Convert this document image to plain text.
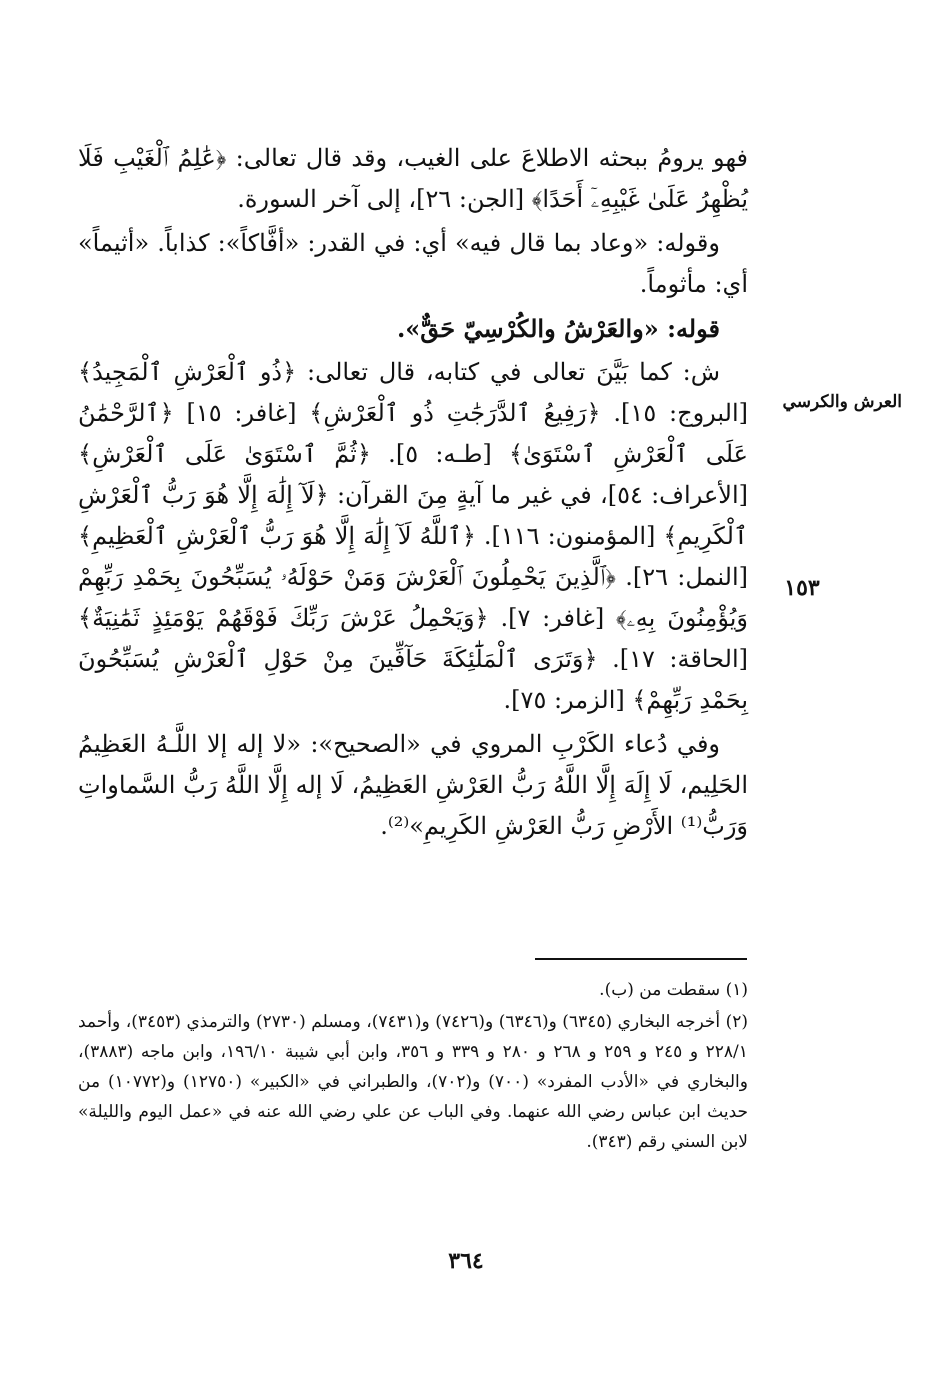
فهو يرومُ ببحثه الاطلاعَ على الغيب، وقد قال تعالى: ﴿عَٰلِمُ ٱلْغَيْبِ فَلَا يُظْهِرُ عَلَىٰ غَيْبِهِۦٓ أَحَدًا﴾ [الجن: ٢٦]، إلى آخر السورة.

وقوله: «وعاد بما قال فيه» أي: في القدر: «أفَّاكاً»: كذاباً. «أثيماً» أي: مأثوماً.

قوله: «والعَرْشُ والكُرْسِيّ حَقٌّ».

ش: كما بَيَّنَ تعالى في كتابه، قال تعالى: ﴿ذُو ٱلْعَرْشِ ٱلْمَجِيدُ﴾ [البروج: ١٥]. ﴿رَفِيعُ ٱلدَّرَجَٰتِ ذُو ٱلْعَرْشِ﴾ [غافر: ١٥] ﴿ٱلرَّحْمَٰنُ عَلَى ٱلْعَرْشِ ٱسْتَوَىٰ﴾ [طـه: ٥]. ﴿ثُمَّ ٱسْتَوَىٰ عَلَى ٱلْعَرْشِ﴾ [الأعراف: ٥٤]، في غير ما آيةٍ مِنَ القرآن: ﴿لَآ إِلَٰهَ إِلَّا هُوَ رَبُّ ٱلْعَرْشِ ٱلْكَرِيمِ﴾ [المؤمنون: ١١٦]. ﴿ٱللَّهُ لَآ إِلَٰهَ إِلَّا هُوَ رَبُّ ٱلْعَرْشِ ٱلْعَظِيمِ﴾ [النمل: ٢٦]. ﴿ٱلَّذِينَ يَحْمِلُونَ ٱلْعَرْشَ وَمَنْ حَوْلَهُۥ يُسَبِّحُونَ بِحَمْدِ رَبِّهِمْ وَيُؤْمِنُونَ بِهِۦ﴾ [غافر: ٧]. ﴿وَيَحْمِلُ عَرْشَ رَبِّكَ فَوْقَهُمْ يَوْمَئِذٍ ثَمَٰنِيَةٌ﴾ [الحاقة: ١٧]. ﴿وَتَرَى ٱلْمَلَٰٓئِكَةَ حَآفِّينَ مِنْ حَوْلِ ٱلْعَرْشِ يُسَبِّحُونَ بِحَمْدِ رَبِّهِمْ﴾ [الزمر: ٧٥].

وفي دُعاء الكَرْبِ المروي في «الصحيح»: «لا إله إلا اللَّـهُ العَظِيمُ الحَلِيم، لَا إِلَهَ إِلَّا اللَّهُ رَبُّ العَرْشِ العَظِيمُ، لَا إله إِلَّا اللَّهُ رَبُّ السَّماواتِ وَرَبُّ⁽¹⁾ الأَرْضِ رَبُّ العَرْشِ الكَرِيمِ»⁽²⁾.

العرش والكرسي
١٥٣

(١) سقطت من (ب).

(٢) أخرجه البخاري (٦٣٤٥) و(٦٣٤٦) و(٧٤٢٦) و(٧٤٣١)، ومسلم (٢٧٣٠) والترمذي (٣٤٥٣)، وأحمد ٢٢٨/١ و ٢٤٥ و ٢٥٩ و ٢٦٨ و ٢٨٠ و ٣٣٩ و ٣٥٦، وابن أبي شيبة ١٩٦/١٠، وابن ماجه (٣٨٨٣)، والبخاري في «الأدب المفرد» (٧٠٠) و(٧٠٢)، والطبراني في «الكبير» (١٢٧٥٠) و(١٠٧٧٢) من حديث ابن عباس رضي الله عنهما. وفي الباب عن علي رضي الله عنه في «عمل اليوم والليلة» لابن السني رقم (٣٤٣).

٣٦٤
